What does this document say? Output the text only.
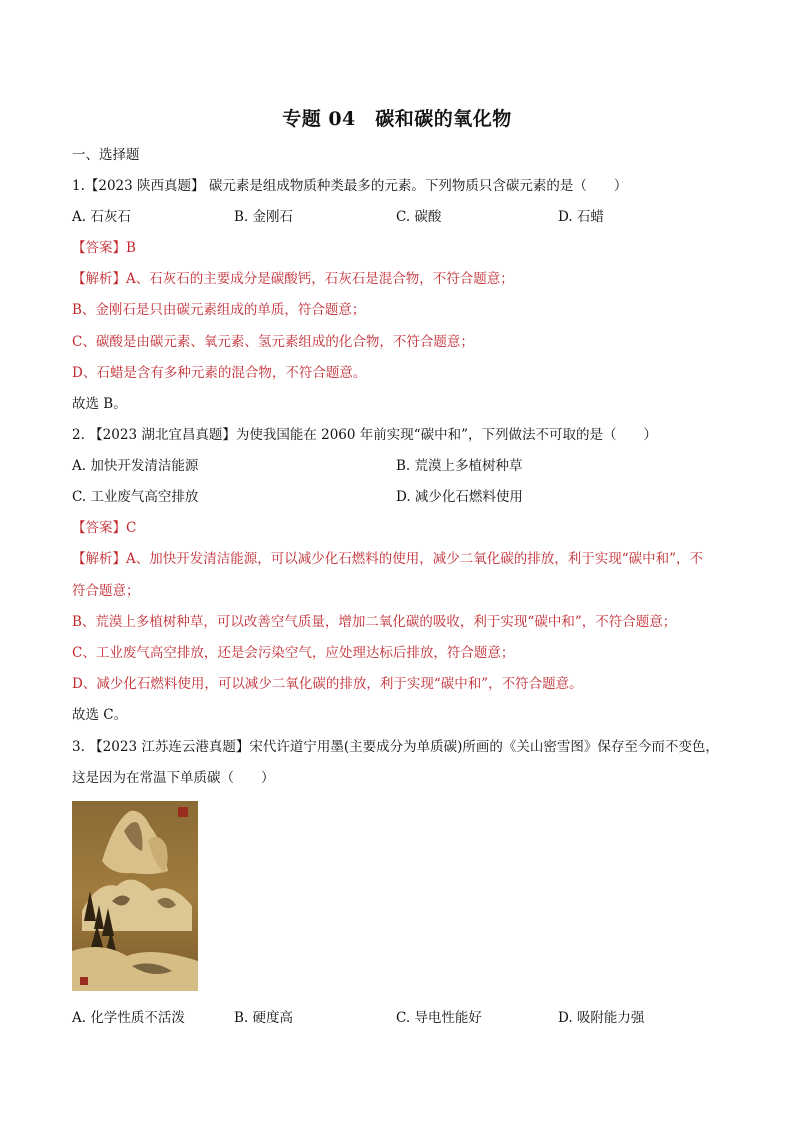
专题 04　碳和碳的氧化物
一、选择题
1.【2023 陕西真题】 碳元素是组成物质种类最多的元素。下列物质只含碳元素的是（　　）
A. 石灰石	B. 金刚石	C. 碳酸	D. 石蜡
【答案】B
【解析】A、石灰石的主要成分是碳酸钙，石灰石是混合物，不符合题意；
B、金刚石是只由碳元素组成的单质，符合题意；
C、碳酸是由碳元素、氧元素、氢元素组成的化合物，不符合题意；
D、石蜡是含有多种元素的混合物，不符合题意。
故选 B。
2. 【2023 湖北宜昌真题】为使我国能在 2060 年前实现“碳中和”，下列做法不可取的是（　　）
A. 加快开发清洁能源	B. 荒漠上多植树种草
C. 工业废气高空排放	D. 减少化石燃料使用
【答案】C
【解析】A、加快开发清洁能源，可以减少化石燃料的使用，减少二氧化碳的排放，利于实现“碳中和”，不
符合题意；
B、荒漠上多植树种草，可以改善空气质量，增加二氧化碳的吸收，利于实现“碳中和”，不符合题意；
C、工业废气高空排放，还是会污染空气，应处理达标后排放，符合题意；
D、减少化石燃料使用，可以减少二氧化碳的排放，利于实现“碳中和”，不符合题意。
故选 C。
3. 【2023 江苏连云港真题】宋代许道宁用墨(主要成分为单质碳)所画的《关山密雪图》保存至今而不变色，
这是因为在常温下单质碳（　　）
A. 化学性质不活泼	B. 硬度高	C. 导电性能好	D. 吸附能力强
